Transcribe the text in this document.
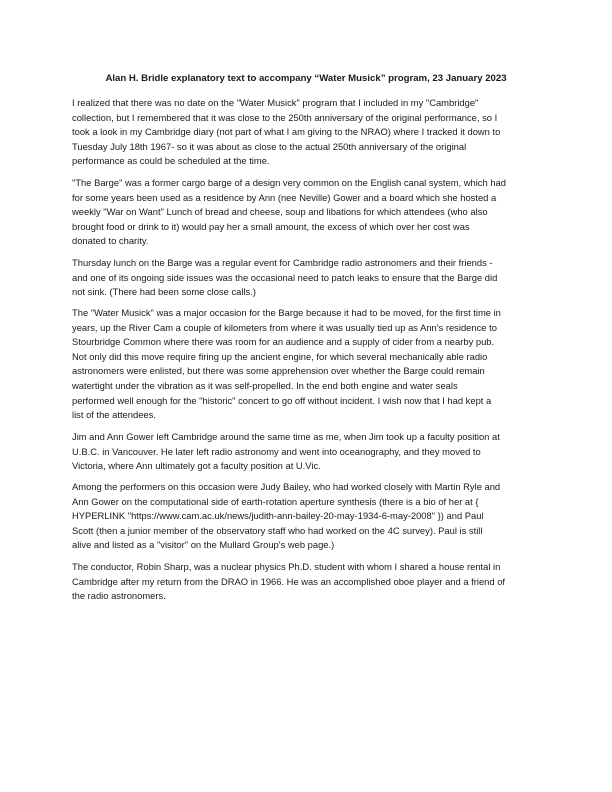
Alan H. Bridle explanatory text to accompany “Water Musick” program, 23 January 2023

I realized that there was no date on the "Water Musick" program that I included in my "Cambridge"
collection, but I remembered that it was close to the 250th anniversary of the original performance, so I
took a look in my Cambridge diary (not part of what I am giving to the NRAO) where I tracked it down to
Tuesday July 18th 1967- so it was about as close to the actual 250th anniversary of the original
performance as could be scheduled at the time.

"The Barge" was a former cargo barge of a design very common on the English canal system, which had
for some years been used as a residence by Ann (nee Neville) Gower and a board which she hosted a
weekly "War on Want" Lunch of bread and cheese, soup and libations for which attendees (who also
brought food or drink to it) would pay her a small amount, the excess of which over her cost was
donated to charity.

Thursday lunch on the Barge was a regular event for Cambridge radio astronomers and their friends -
and one of its ongoing side issues was the occasional need to patch leaks to ensure that the Barge did
not sink. (There had been some close calls.)

The "Water Musick" was a major occasion for the Barge because it had to be moved, for the first time in
years, up the River Cam a couple of kilometers from where it was usually tied up as Ann's residence to
Stourbridge Common where there was room for an audience and a supply of cider from a nearby pub.
Not only did this move require firing up the ancient engine, for which several mechanically able radio
astronomers were enlisted, but there was some apprehension over whether the Barge could remain
watertight under the vibration as it was self-propelled. In the end both engine and water seals
performed well enough for the "historic" concert to go off without incident. I wish now that I had kept a
list of the attendees.

Jim and Ann Gower left Cambridge around the same time as me, when Jim took up a faculty position at
U.B.C. in Vancouver. He later left radio astronomy and went into oceanography, and they moved to
Victoria, where Ann ultimately got a faculty position at U.Vic.

Among the performers on this occasion were Judy Bailey, who had worked closely with Martin Ryle and
Ann Gower on the computational side of earth-rotation aperture synthesis (there is a bio of her at {
HYPERLINK "https://www.cam.ac.uk/news/judith-ann-bailey-20-may-1934-6-may-2008" }) and Paul
Scott (then a junior member of the observatory staff who had worked on the 4C survey). Paul is still
alive and listed as a "visitor" on the Mullard Group's web page.)

The conductor, Robin Sharp, was a nuclear physics Ph.D. student with whom I shared a house rental in
Cambridge after my return from the DRAO in 1966. He was an accomplished oboe player and a friend of
the radio astronomers.
